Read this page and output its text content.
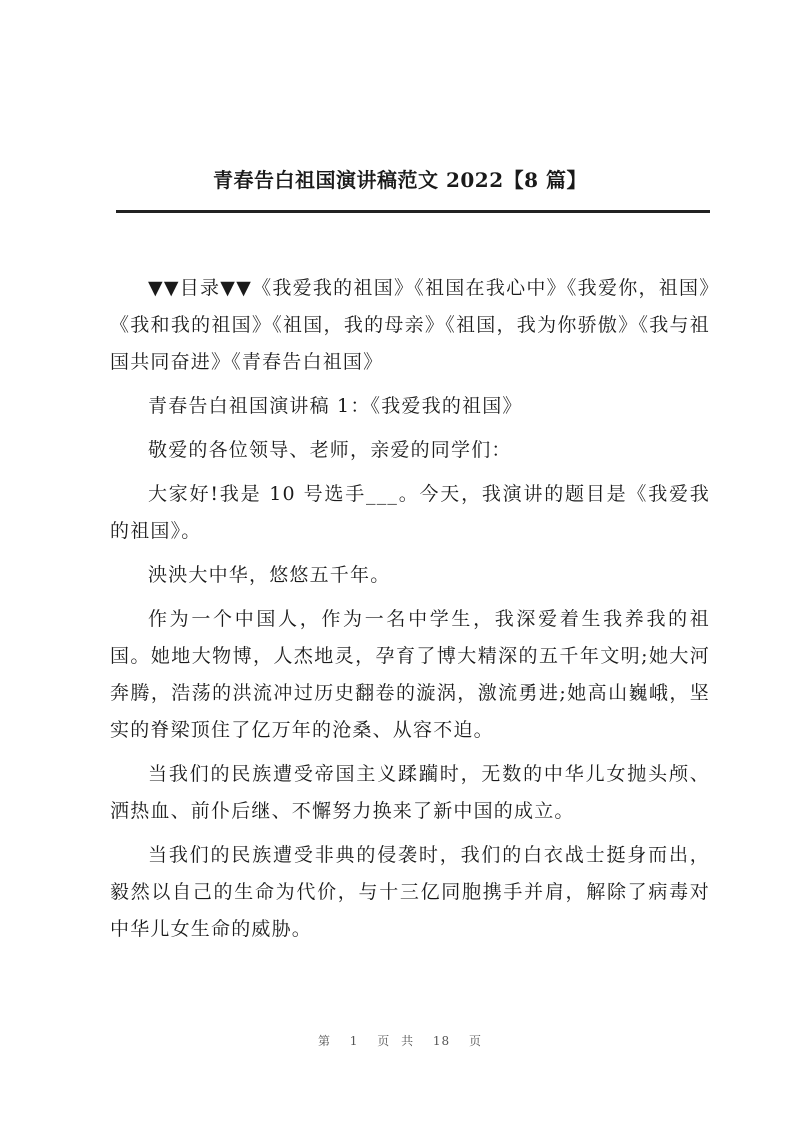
青春告白祖国演讲稿范文 2022【8 篇】

▼▼目录▼▼《我爱我的祖国》《祖国在我心中》《我爱你，祖国》《我和我的祖国》《祖国，我的母亲》《祖国，我为你骄傲》《我与祖国共同奋进》《青春告白祖国》

青春告白祖国演讲稿 1：《我爱我的祖国》

敬爱的各位领导、老师，亲爱的同学们：

大家好!我是 10 号选手___。今天，我演讲的题目是《我爱我的祖国》。

泱泱大中华，悠悠五千年。

作为一个中国人，作为一名中学生，我深爱着生我养我的祖国。她地大物博，人杰地灵，孕育了博大精深的五千年文明;她大河奔腾，浩荡的洪流冲过历史翻卷的漩涡，激流勇进;她高山巍峨，坚实的脊梁顶住了亿万年的沧桑、从容不迫。

当我们的民族遭受帝国主义蹂躏时，无数的中华儿女抛头颅、洒热血、前仆后继、不懈努力换来了新中国的成立。

当我们的民族遭受非典的侵袭时，我们的白衣战士挺身而出，毅然以自己的生命为代价，与十三亿同胞携手并肩，解除了病毒对中华儿女生命的威胁。

第 1 页 共 18 页
